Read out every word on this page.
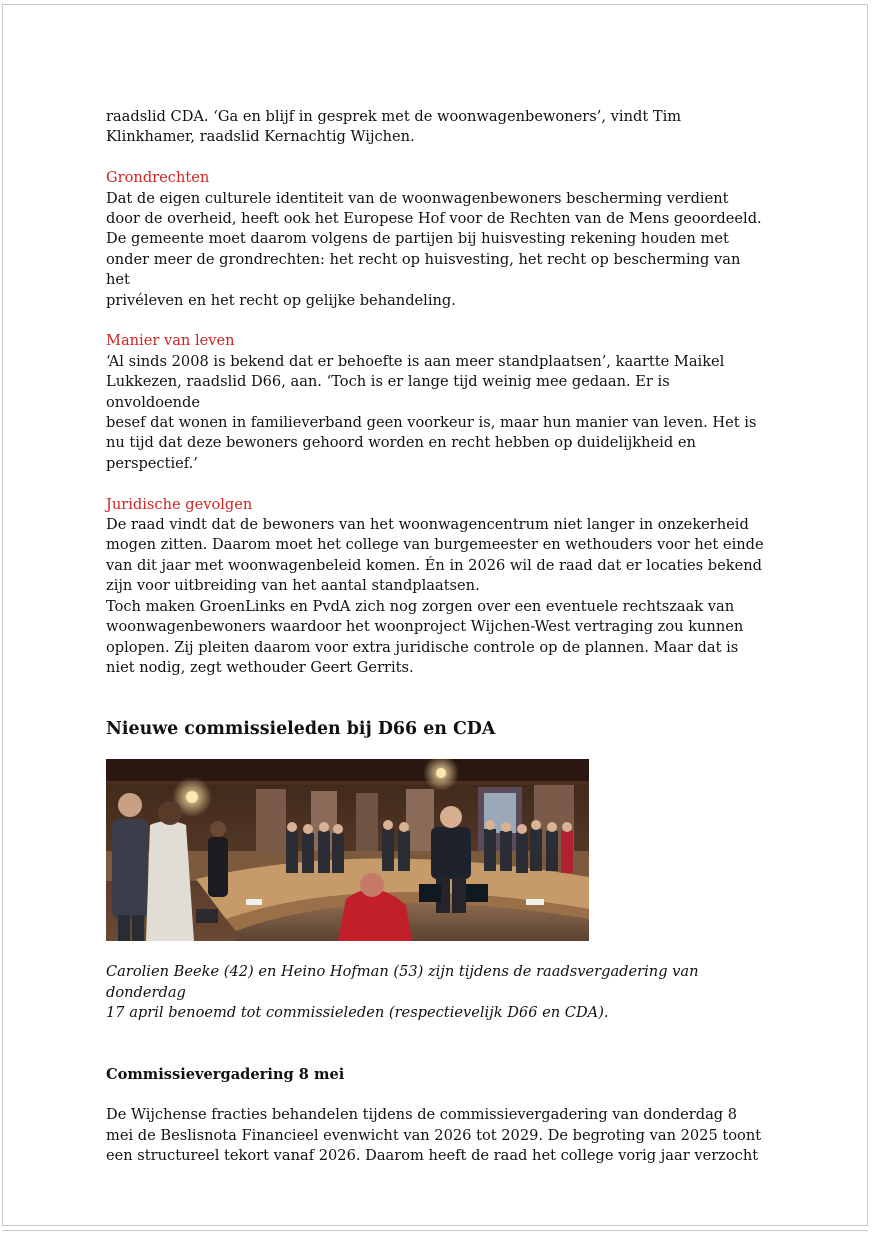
raadslid CDA. ‘Ga en blijf in gesprek met de woonwagenbewoners’, vindt Tim

Klinkhamer, raadslid Kernachtig Wijchen.

Grondrechten

Dat de eigen culturele identiteit van de woonwagenbewoners bescherming verdient

door de overheid, heeft ook het Europese Hof voor de Rechten van de Mens geoordeeld.

De gemeente moet daarom volgens de partijen bij huisvesting rekening houden met

onder meer de grondrechten: het recht op huisvesting, het recht op bescherming van het

privéleven en het recht op gelijke behandeling.

Manier van leven

‘Al sinds 2008 is bekend dat er behoefte is aan meer standplaatsen’, kaartte Maikel

Lukkezen, raadslid D66, aan. ‘Toch is er lange tijd weinig mee gedaan. Er is onvoldoende

besef dat wonen in familieverband geen voorkeur is, maar hun manier van leven. Het is

nu tijd dat deze bewoners gehoord worden en recht hebben op duidelijkheid en

perspectief.’

Juridische gevolgen

De raad vindt dat de bewoners van het woonwagencentrum niet langer in onzekerheid

mogen zitten. Daarom moet het college van burgemeester en wethouders voor het einde

van dit jaar met woonwagenbeleid komen. Én in 2026 wil de raad dat er locaties bekend

zijn voor uitbreiding van het aantal standplaatsen.

Toch maken GroenLinks en PvdA zich nog zorgen over een eventuele rechtszaak van

woonwagenbewoners waardoor het woonproject Wijchen-West vertraging zou kunnen

oplopen. Zij pleiten daarom voor extra juridische controle op de plannen. Maar dat is

niet nodig, zegt wethouder Geert Gerrits.

Nieuwe commissieleden bij D66 en CDA

Carolien Beeke (42) en Heino Hofman (53) zijn tijdens de raadsvergadering van donderdag

17 april benoemd tot commissieleden (respectievelijk D66 en CDA).

Commissievergadering 8 mei

De Wijchense fracties behandelen tijdens de commissievergadering van donderdag 8

mei de Beslisnota Financieel evenwicht van 2026 tot 2029. De begroting van 2025 toont

een structureel tekort vanaf 2026. Daarom heeft de raad het college vorig jaar verzocht
